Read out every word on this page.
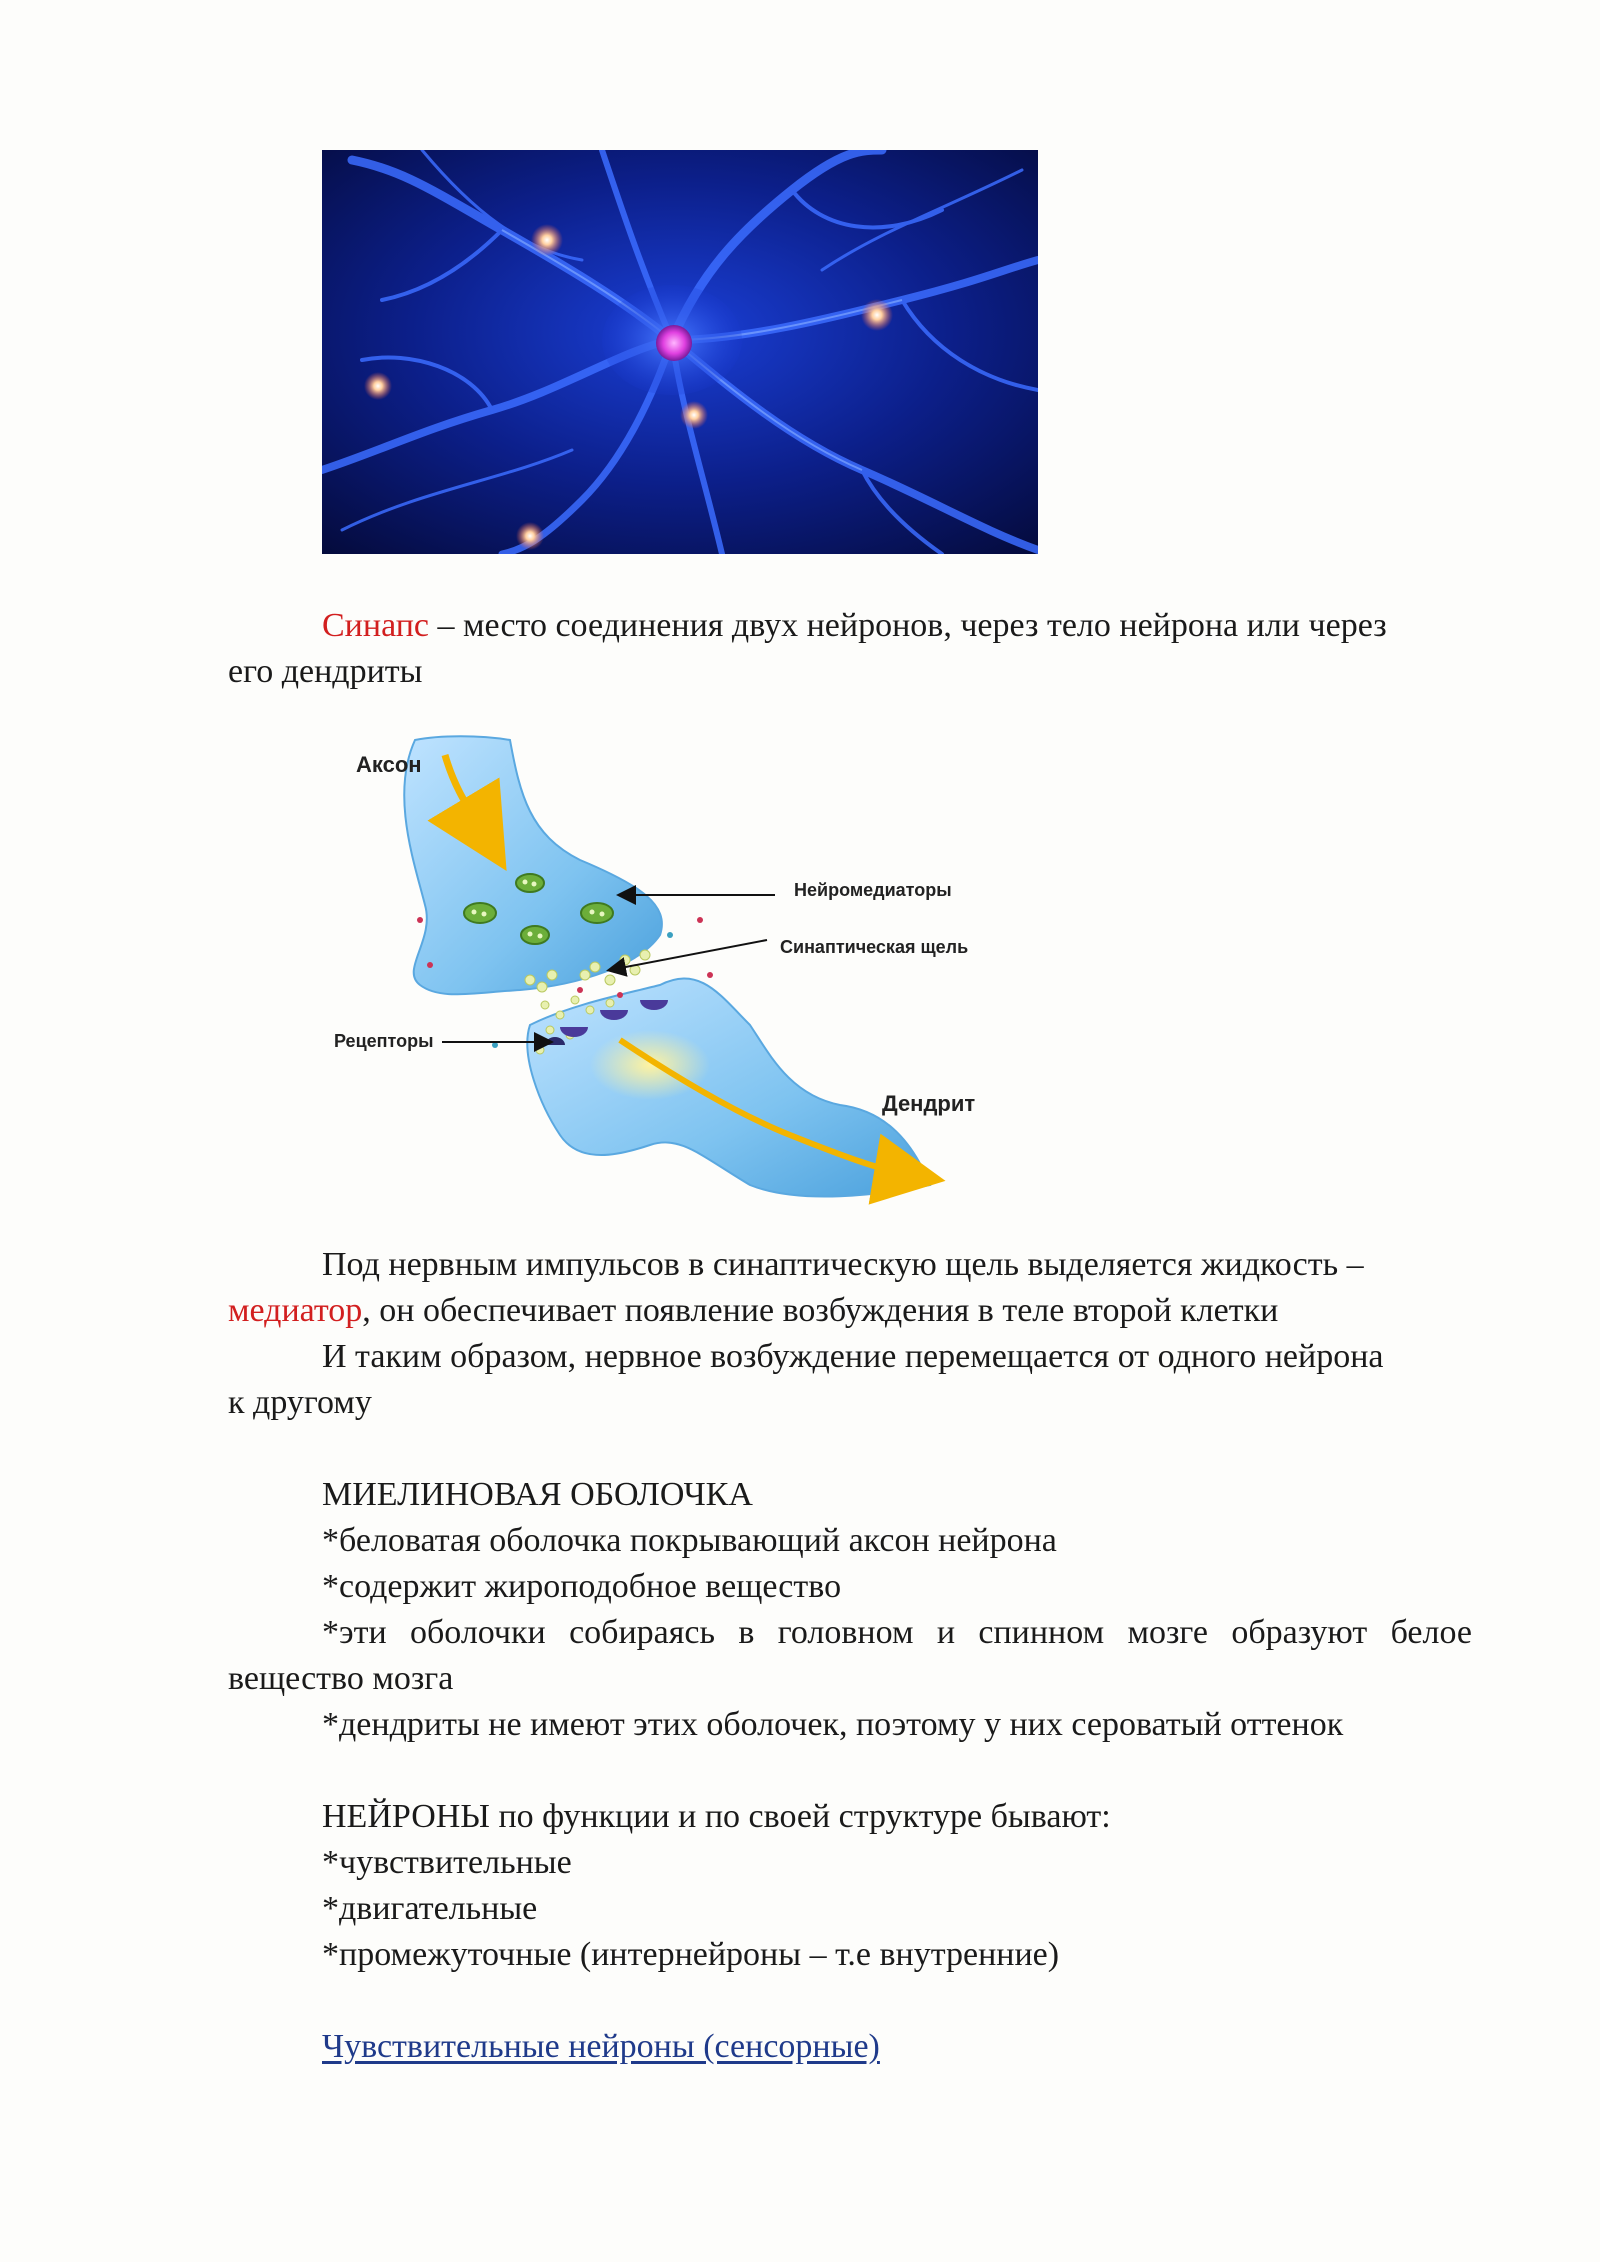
Синапс – место соединения двух нейронов, через тело нейрона или через
его дендриты
Аксон
Нейромедиаторы
Синаптическая щель
Рецепторы
Дендрит
Под нервным импульсов в синаптическую щель выделяется жидкость –
медиатор, он обеспечивает появление возбуждения в теле второй клетки
И таким образом, нервное возбуждение перемещается от одного нейрона
к другому
МИЕЛИНОВАЯ ОБОЛОЧКА
*беловатая оболочка покрывающий аксон нейрона
*содержит жироподобное вещество
*эти оболочки собираясь в головном и спинном мозге образуют белое
вещество мозга
*дендриты не имеют этих оболочек, поэтому у них сероватый оттенок
НЕЙРОНЫ по функции и по своей структуре бывают:
*чувствительные
*двигательные
*промежуточные (интернейроны – т.е внутренние)
Чувствительные нейроны (сенсорные)
